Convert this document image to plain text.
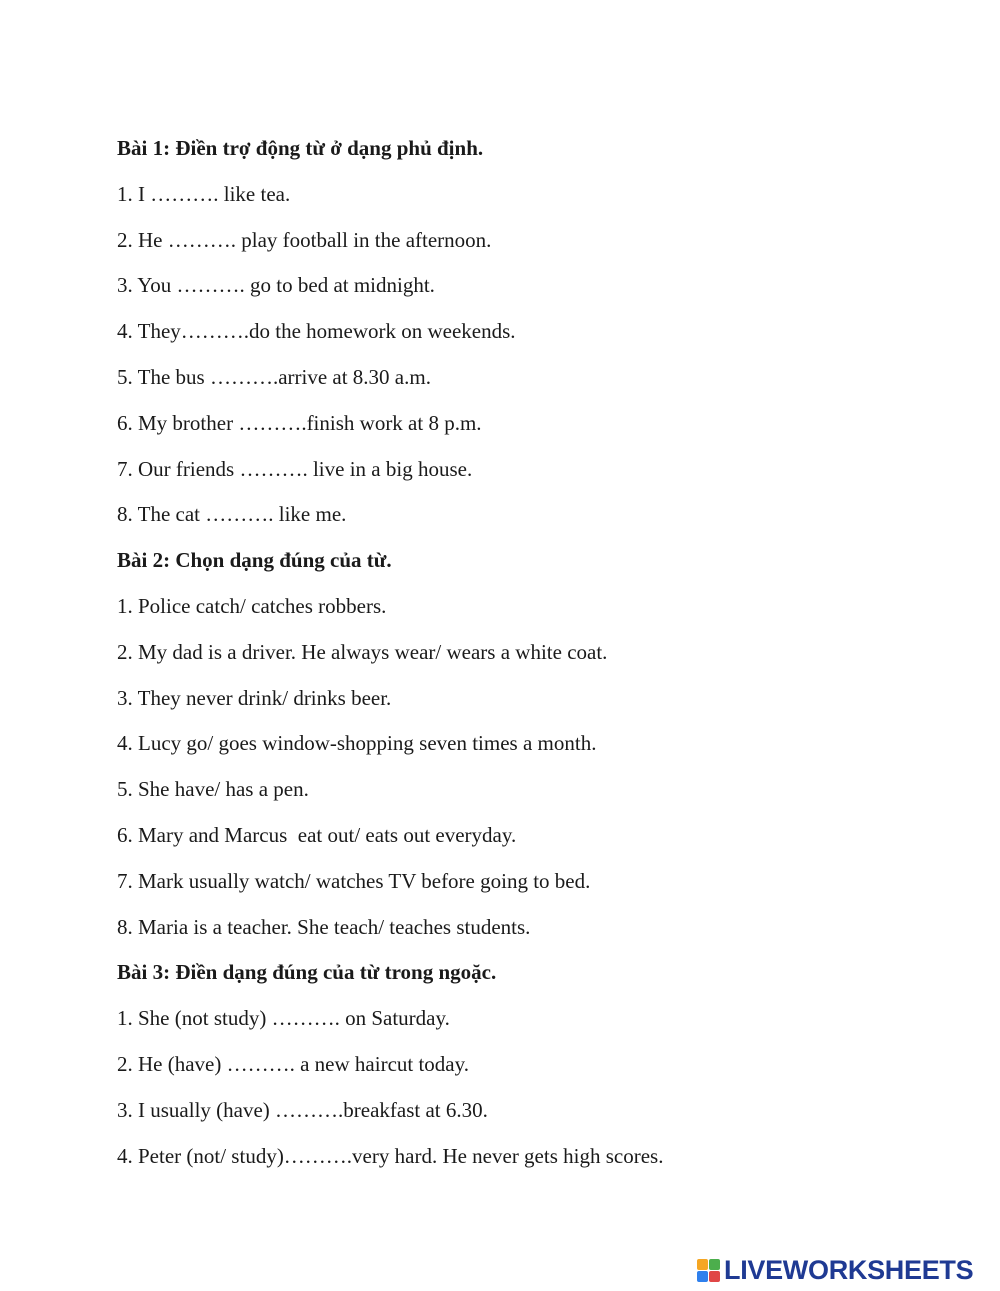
Bài 1: Điền trợ động từ ở dạng phủ định.
1. I ………. like tea.
2. He ………. play football in the afternoon.
3. You ………. go to bed at midnight.
4. They……….do the homework on weekends.
5. The bus ……….arrive at 8.30 a.m.
6. My brother ……….finish work at 8 p.m.
7. Our friends ………. live in a big house.
8. The cat ………. like me.
Bài 2: Chọn dạng đúng của từ.
1. Police catch/ catches robbers.
2. My dad is a driver. He always wear/ wears a white coat.
3. They never drink/ drinks beer.
4. Lucy go/ goes window-shopping seven times a month.
5. She have/ has a pen.
6. Mary and Marcus  eat out/ eats out everyday.
7. Mark usually watch/ watches TV before going to bed.
8. Maria is a teacher. She teach/ teaches students.
Bài 3: Điền dạng đúng của từ trong ngoặc.
1. She (not study) ………. on Saturday.
2. He (have) ………. a new haircut today.
3. I usually (have) ……….breakfast at 6.30.
4. Peter (not/ study)……….very hard. He never gets high scores.
LIVEWORKSHEETS
